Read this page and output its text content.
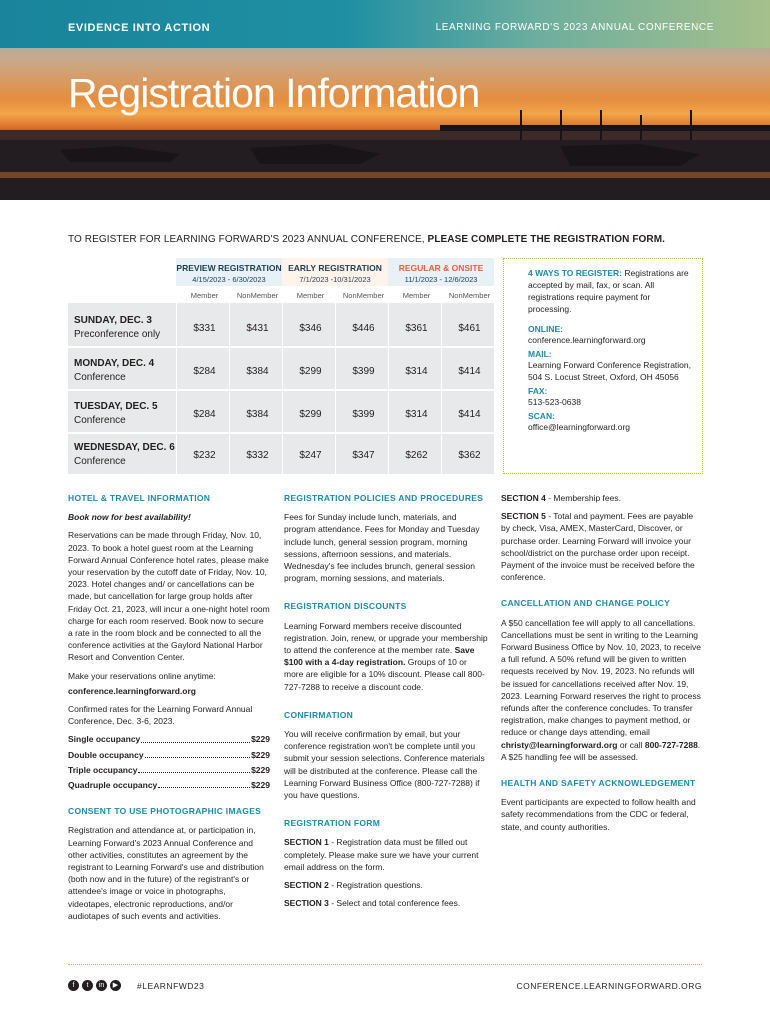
EVIDENCE INTO ACTION	LEARNING FORWARD'S 2023 ANNUAL CONFERENCE
Registration Information
TO REGISTER FOR LEARNING FORWARD'S 2023 ANNUAL CONFERENCE, PLEASE COMPLETE THE REGISTRATION FORM.
PREVIEW REGISTRATION
4/15/2023 - 6/30/2023
EARLY REGISTRATION
7/1/2023 -10/31/2023
REGULAR & ONSITE
11/1/2023 - 12/6/2023
Member	NonMember	Member	NonMember	Member	NonMember
SUNDAY, DEC. 3
Preconference only
$331	$431	$346	$446	$361	$461
MONDAY, DEC. 4
Conference
$284	$384	$299	$399	$314	$414
TUESDAY, DEC. 5
Conference
$284	$384	$299	$399	$314	$414
WEDNESDAY, DEC. 6
Conference
$232	$332	$247	$347	$262	$362

4 WAYS TO REGISTER: Registrations are accepted by mail, fax, or scan. All registrations require payment for processing.

ONLINE:
conference.learningforward.org
MAIL:
Learning Forward Conference Registration, 504 S. Locust Street, Oxford, OH 45056
FAX:
513-523-0638
SCAN:
office@learningforward.org
HOTEL & TRAVEL INFORMATION

Book now for best availability!

Reservations can be made through Friday, Nov. 10, 2023. To book a hotel guest room at the Learning Forward Annual Conference hotel rates, please make your reservation by the cutoff date of Friday, Nov. 10, 2023. Hotel changes and/ or cancellations can be made, but cancellation for large group holds after Friday Oct. 21, 2023, will incur a one-night hotel room charge for each room reserved. Book now to secure a rate in the room block and be connected to all the conference activities at the Gaylord National Harbor Resort and Convention Center.

Make your reservations online anytime:

conference.learningforward.org

Confirmed rates for the Learning Forward Annual Conference, Dec. 3-6, 2023.

Single occupancy	$229
Double occupancy	$229
Triple occupancy	$229
Quadruple occupancy	$229
CONSENT TO USE PHOTOGRAPHIC IMAGES

Registration and attendance at, or participation in, Learning Forward's 2023 Annual Conference and other activities, constitutes an agreement by the registrant to Learning Forward's use and distribution (both now and in the future) of the registrant's or attendee's image or voice in photographs, videotapes, electronic reproductions, and/or audiotapes of such events and activities.

REGISTRATION POLICIES AND PROCEDURES

Fees for Sunday include lunch, materials, and program attendance. Fees for Monday and Tuesday include lunch, general session program, morning sessions, afternoon sessions, and materials. Wednesday's fee includes brunch, general session program, morning sessions, and materials.

REGISTRATION DISCOUNTS

Learning Forward members receive discounted registration. Join, renew, or upgrade your membership to attend the conference at the member rate. Save $100 with a 4-day registration. Groups of 10 or more are eligible for a 10% discount. Please call 800-727-7288 to receive a discount code.

CONFIRMATION

You will receive confirmation by email, but your conference registration won't be complete until you submit your session selections. Conference materials will be distributed at the conference. Please call the Learning Forward Business Office (800-727-7288) if you have questions.

REGISTRATION FORM

SECTION 1 - Registration data must be filled out completely. Please make sure we have your current email address on the form.

SECTION 2 - Registration questions.

SECTION 3 - Select and total conference fees.

SECTION 4 - Membership fees.

SECTION 5 - Total and payment. Fees are payable by check, Visa, AMEX, MasterCard, Discover, or purchase order. Learning Forward will invoice your school/district on the purchase order upon receipt. Payment of the invoice must be received before the conference.

CANCELLATION AND CHANGE POLICY

A $50 cancellation fee will apply to all cancellations. Cancellations must be sent in writing to the Learning Forward Business Office by Nov. 10, 2023, to receive a full refund. A 50% refund will be given to written requests received by Nov. 19, 2023. No refunds will be issued for cancellations received after Nov. 19, 2023. Learning Forward reserves the right to process refunds after the conference concludes. To transfer registration, make changes to payment method, or reduce or change days attending, email christy@learningforward.org or call 800-727-7288. A $25 handling fee will be assessed.

HEALTH AND SAFETY ACKNOWLEDGEMENT

Event participants are expected to follow health and safety recommendations from the CDC or federal, state, and county authorities.

f	t	in	▶	#LEARNFWD23	CONFERENCE.LEARNINGFORWARD.ORG
